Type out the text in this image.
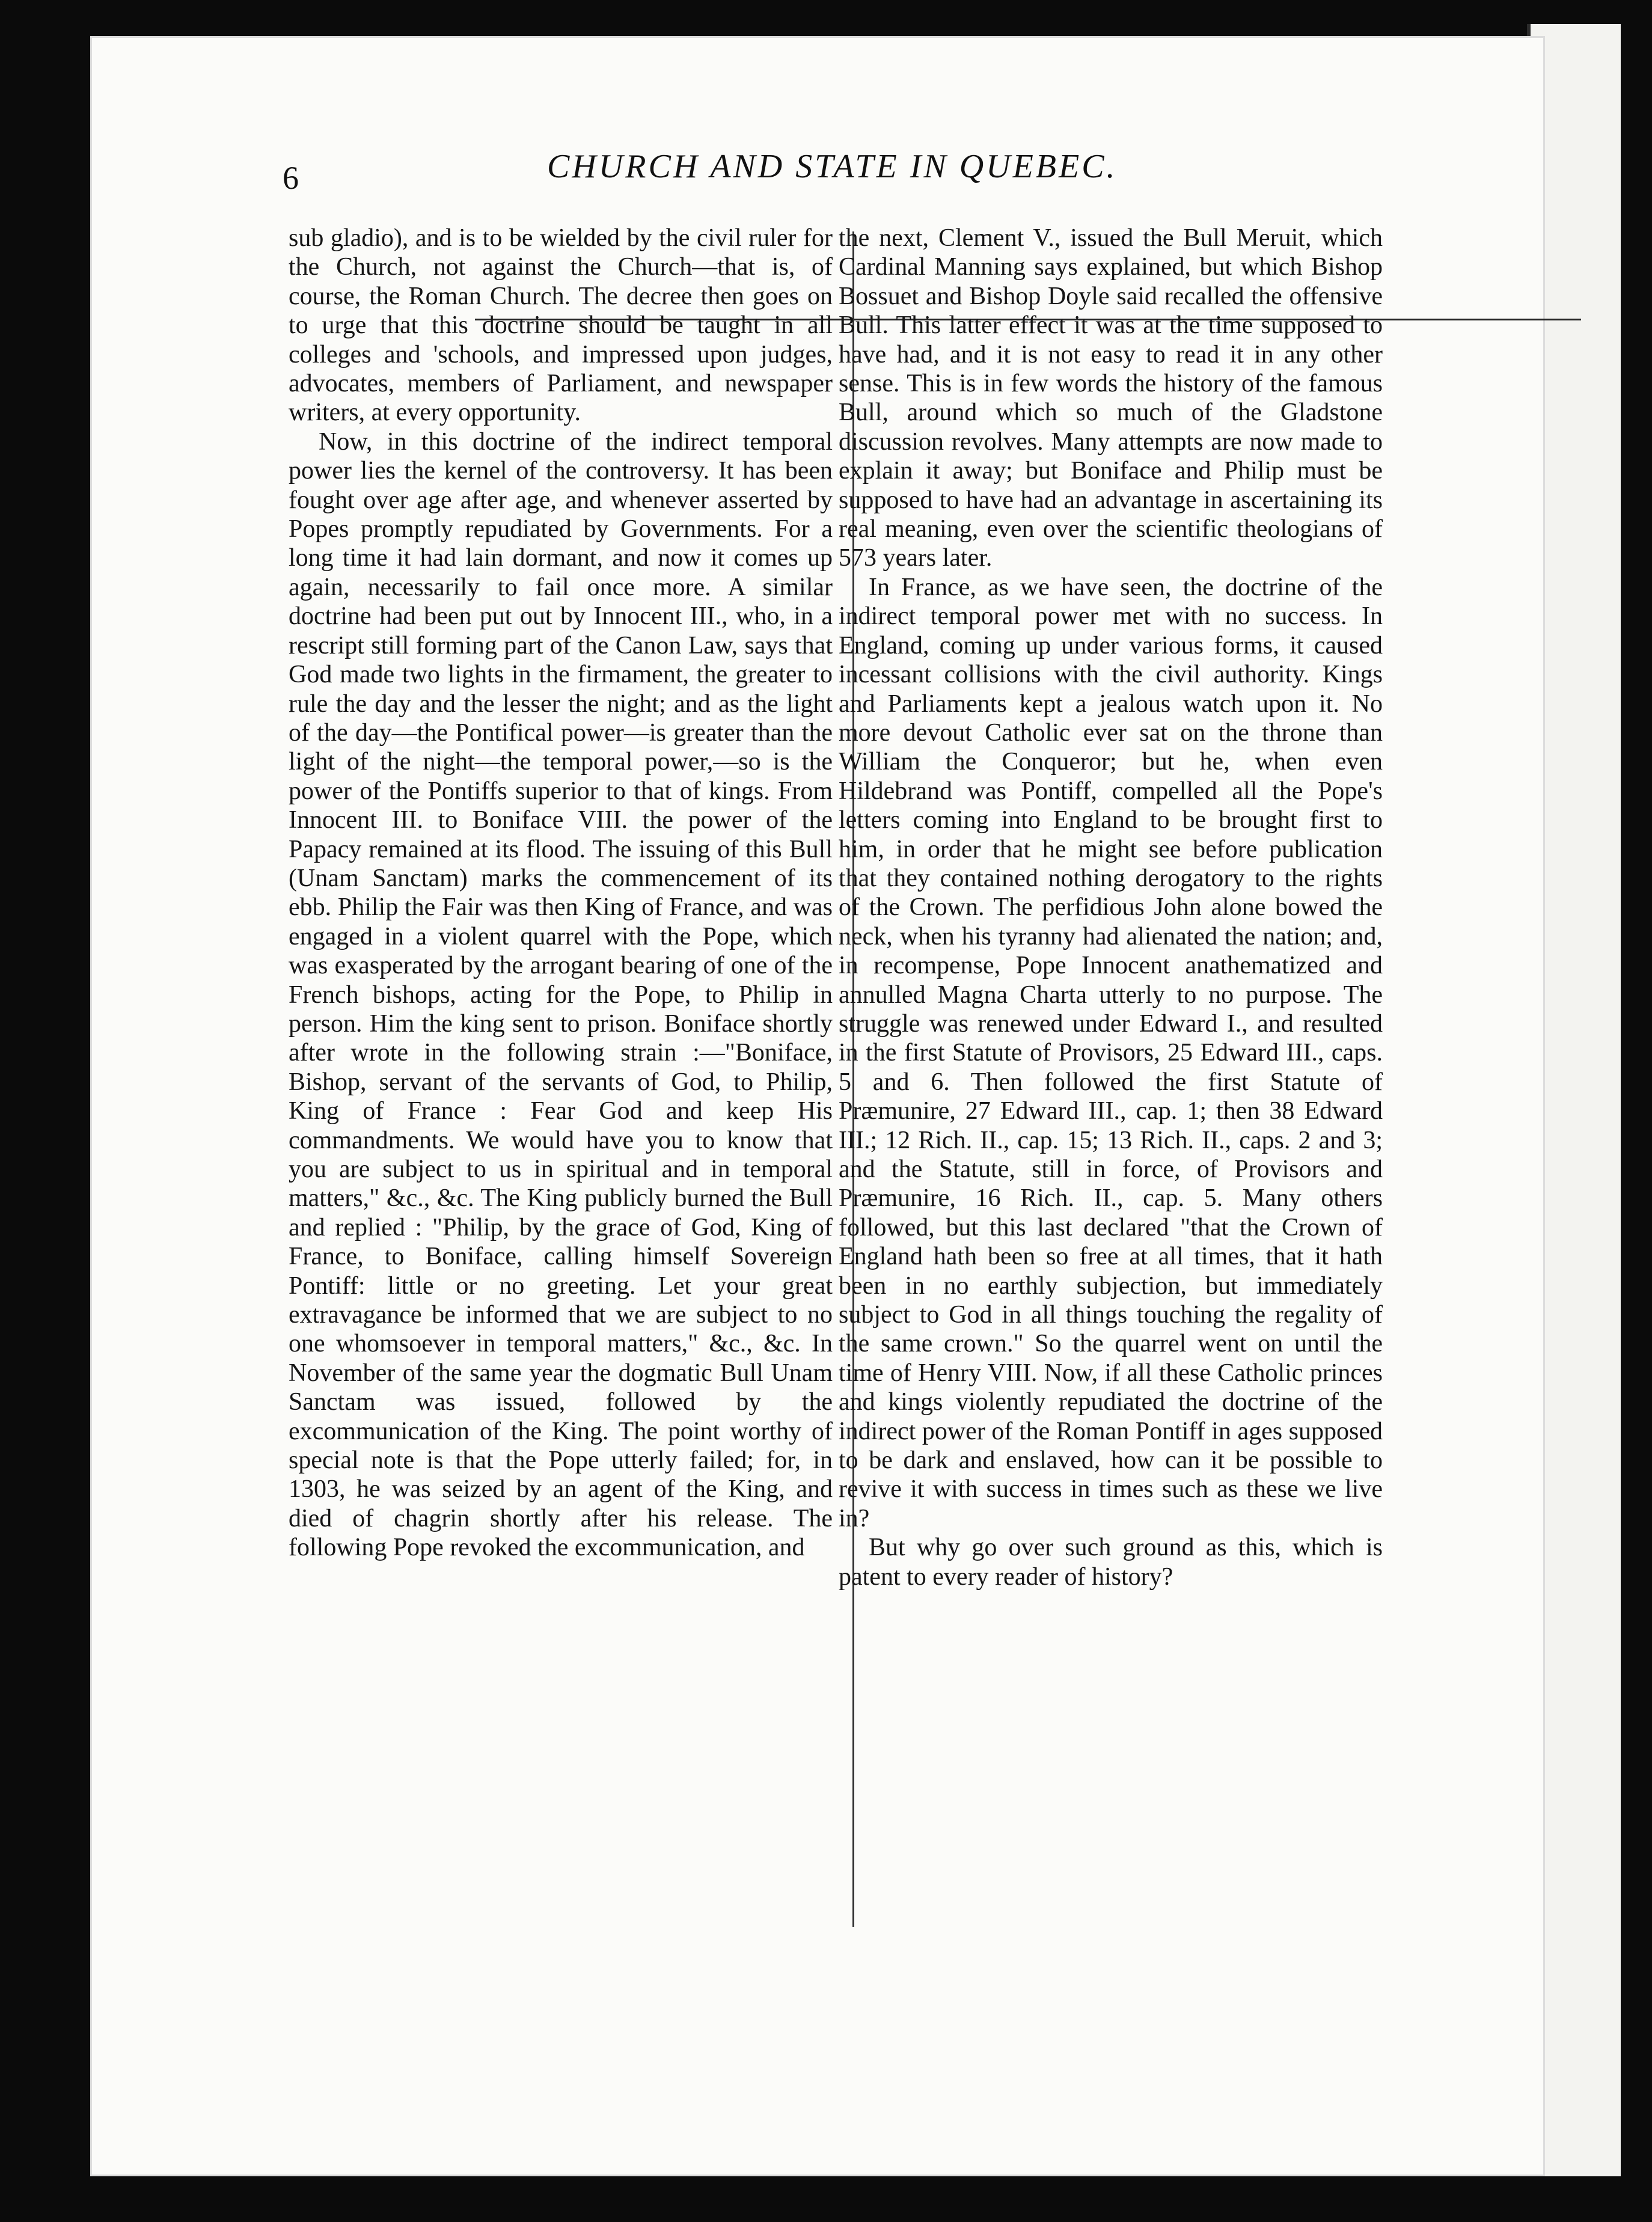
6	CHURCH AND STATE IN QUEBEC.

sub gladio), and is to be wielded by the civil ruler for the Church, not against the Church—that is, of course, the Roman Church. The decree then goes on to urge that this doctrine should be taught in all colleges and 'schools, and impressed upon judges, advocates, members of Parliament, and newspaper writers, at every opportunity.

Now, in this doctrine of the indirect temporal power lies the kernel of the controversy. It has been fought over age after age, and whenever asserted by Popes promptly repudiated by Governments. For a long time it had lain dormant, and now it comes up again, necessarily to fail once more. A similar doctrine had been put out by Innocent III., who, in a rescript still forming part of the Canon Law, says that God made two lights in the firmament, the greater to rule the day and the lesser the night; and as the light of the day—the Pontifical power—is greater than the light of the night—the temporal power,—so is the power of the Pontiffs superior to that of kings. From Innocent III. to Boniface VIII. the power of the Papacy remained at its flood. The issuing of this Bull (Unam Sanctam) marks the commencement of its ebb. Philip the Fair was then King of France, and was engaged in a violent quarrel with the Pope, which was exasperated by the arrogant bearing of one of the French bishops, acting for the Pope, to Philip in person. Him the king sent to prison. Boniface shortly after wrote in the following strain :—"Boniface, Bishop, servant of the servants of God, to Philip, King of France : Fear God and keep His commandments. We would have you to know that you are subject to us in spiritual and in temporal matters," &c., &c. The King publicly burned the Bull and replied : "Philip, by the grace of God, King of France, to Boniface, calling himself Sovereign Pontiff: little or no greeting. Let your great extravagance be informed that we are subject to no one whomsoever in temporal matters," &c., &c. In November of the same year the dogmatic Bull Unam Sanctam was issued, followed by the excommunication of the King. The point worthy of special note is that the Pope utterly failed; for, in 1303, he was seized by an agent of the King, and died of chagrin shortly after his release. The following Pope revoked the excommunication, and

the next, Clement V., issued the Bull Meruit, which Cardinal Manning says explained, but which Bishop Bossuet and Bishop Doyle said recalled the offensive Bull. This latter effect it was at the time supposed to have had, and it is not easy to read it in any other sense. This is in few words the history of the famous Bull, around which so much of the Gladstone discussion revolves. Many attempts are now made to explain it away; but Boniface and Philip must be supposed to have had an advantage in ascertaining its real meaning, even over the scientific theologians of 573 years later.

In France, as we have seen, the doctrine of the indirect temporal power met with no success. In England, coming up under various forms, it caused incessant collisions with the civil authority. Kings and Parliaments kept a jealous watch upon it. No more devout Catholic ever sat on the throne than William the Conqueror; but he, when even Hildebrand was Pontiff, compelled all the Pope's letters coming into England to be brought first to him, in order that he might see before publication that they contained nothing derogatory to the rights of the Crown. The perfidious John alone bowed the neck, when his tyranny had alienated the nation; and, in recompense, Pope Innocent anathematized and annulled Magna Charta utterly to no purpose. The struggle was renewed under Edward I., and resulted in the first Statute of Provisors, 25 Edward III., caps. 5 and 6. Then followed the first Statute of Præmunire, 27 Edward III., cap. 1; then 38 Edward III.; 12 Rich. II., cap. 15; 13 Rich. II., caps. 2 and 3; and the Statute, still in force, of Provisors and Præmunire, 16 Rich. II., cap. 5. Many others followed, but this last declared "that the Crown of England hath been so free at all times, that it hath been in no earthly subjection, but immediately subject to God in all things touching the regality of the same crown." So the quarrel went on until the time of Henry VIII. Now, if all these Catholic princes and kings violently repudiated the doctrine of the indirect power of the Roman Pontiff in ages supposed to be dark and enslaved, how can it be possible to revive it with success in times such as these we live in?

But why go over such ground as this, which is patent to every reader of history?
